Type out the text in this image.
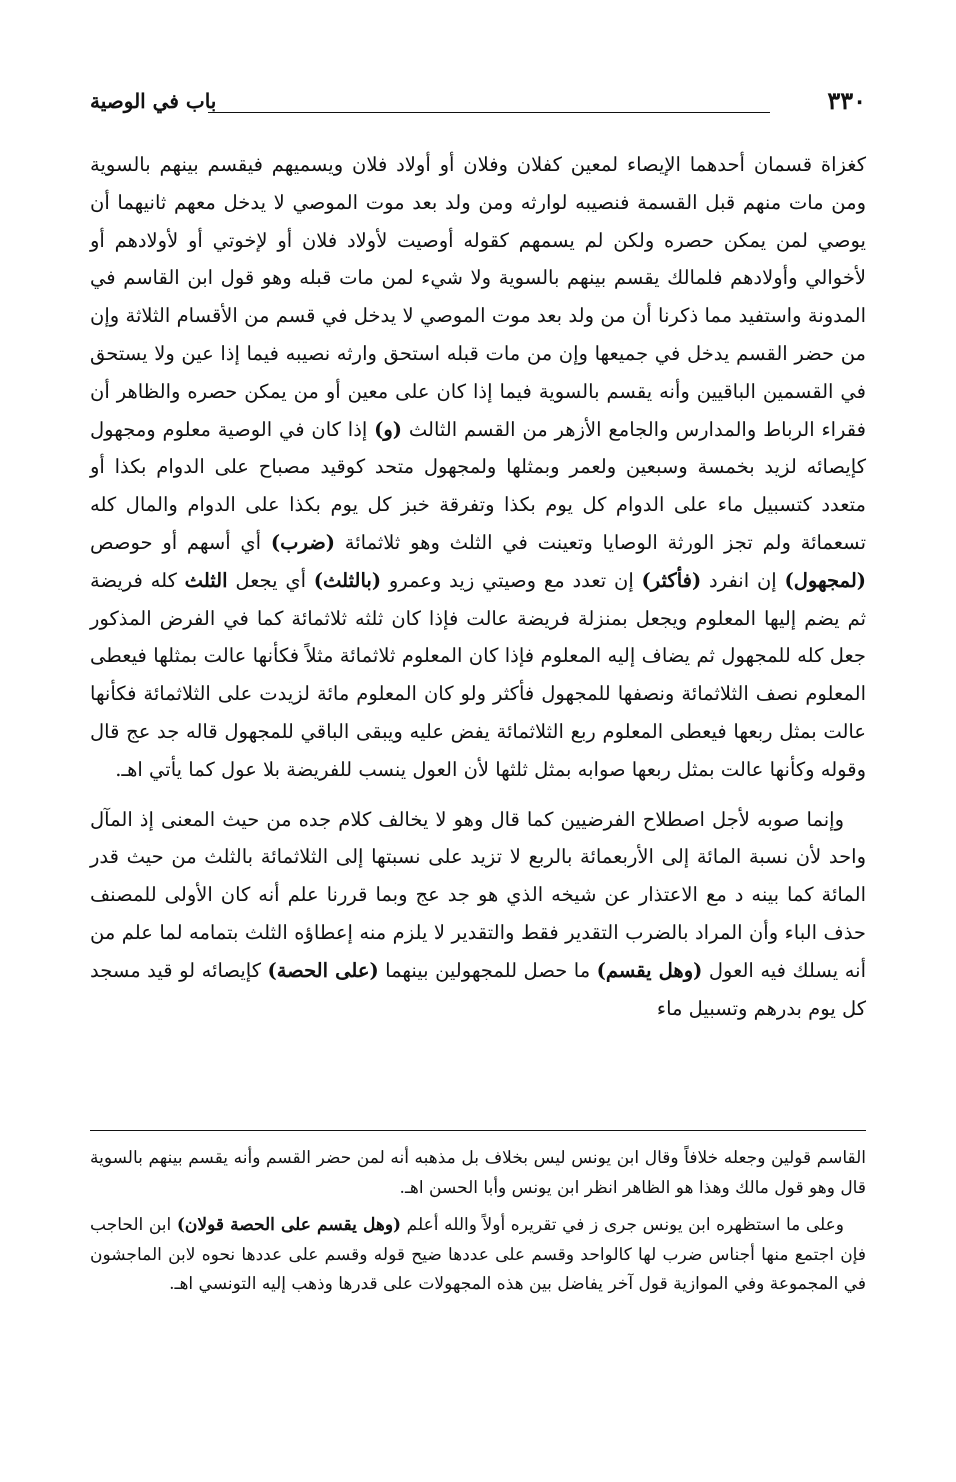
٣٣٠
باب في الوصية

كغزاة قسمان أحدهما الإيصاء لمعين كفلان وفلان أو أولاد فلان ويسميهم فيقسم بينهم بالسوية ومن مات منهم قبل القسمة فنصيبه لوارثه ومن ولد بعد موت الموصي لا يدخل معهم ثانيهما أن يوصي لمن يمكن حصره ولكن لم يسمهم كقوله أوصيت لأولاد فلان أو لإخوتي أو لأولادهم أو لأخوالي وأولادهم فلمالك يقسم بينهم بالسوية ولا شيء لمن مات قبله وهو قول ابن القاسم في المدونة واستفيد مما ذكرنا أن من ولد بعد موت الموصي لا يدخل في قسم من الأقسام الثلاثة وإن من حضر القسم يدخل في جميعها وإن من مات قبله استحق وارثه نصيبه فيما إذا عين ولا يستحق في القسمين الباقيين وأنه يقسم بالسوية فيما إذا كان على معين أو من يمكن حصره والظاهر أن فقراء الرباط والمدارس والجامع الأزهر من القسم الثالث (و) إذا كان في الوصية معلوم ومجهول كإيصائه لزيد بخمسة وسبعين ولعمر وبمثلها ولمجهول متحد كوقيد مصباح على الدوام بكذا أو متعدد كتسبيل ماء على الدوام كل يوم بكذا وتفرقة خبز كل يوم بكذا على الدوام والمال كله تسعمائة ولم تجز الورثة الوصايا وتعينت في الثلث وهو ثلاثمائة (ضرب) أي أسهم أو حوصص (لمجهول) إن انفرد (فأكثر) إن تعدد مع وصيتي زيد وعمرو (بالثلث) أي يجعل الثلث كله فريضة ثم يضم إليها المعلوم ويجعل بمنزلة فريضة عالت فإذا كان ثلثه ثلاثمائة كما في الفرض المذكور جعل كله للمجهول ثم يضاف إليه المعلوم فإذا كان المعلوم ثلاثمائة مثلاً فكأنها عالت بمثلها فيعطى المعلوم نصف الثلاثمائة ونصفها للمجهول فأكثر ولو كان المعلوم مائة لزيدت على الثلاثمائة فكأنها عالت بمثل ربعها فيعطى المعلوم ربع الثلاثمائة يفض عليه ويبقى الباقي للمجهول قاله جد عج قال وقوله وكأنها عالت بمثل ربعها صوابه بمثل ثلثها لأن العول ينسب للفريضة بلا عول كما يأتي اهـ.

وإنما صوبه لأجل اصطلاح الفرضيين كما قال وهو لا يخالف كلام جده من حيث المعنى إذ المآل واحد لأن نسبة المائة إلى الأربعمائة بالربع لا تزيد على نسبتها إلى الثلاثمائة بالثلث من حيث قدر المائة كما بينه د مع الاعتذار عن شيخه الذي هو جد عج وبما قررنا علم أنه كان الأولى للمصنف حذف الباء وأن المراد بالضرب التقدير فقط والتقدير لا يلزم منه إعطاؤه الثلث بتمامه لما علم من أنه يسلك فيه العول (وهل يقسم) ما حصل للمجهولين بينهما (على الحصة) كإيصائه لو قيد مسجد كل يوم بدرهم وتسبيل ماء

القاسم قولين وجعله خلافاً وقال ابن يونس ليس بخلاف بل مذهبه أنه لمن حضر القسم وأنه يقسم بينهم بالسوية قال وهو قول مالك وهذا هو الظاهر انظر ابن يونس وأبا الحسن اهـ.

وعلى ما استظهره ابن يونس جرى ز في تقريره أولاً والله أعلم (وهل يقسم على الحصة قولان) ابن الحاجب فإن اجتمع منها أجناس ضرب لها كالواحد وقسم على عددها ضيح قوله وقسم على عددها نحوه لابن الماجشون في المجموعة وفي الموازية قول آخر يفاضل بين هذه المجهولات على قدرها وذهب إليه التونسي اهـ.
